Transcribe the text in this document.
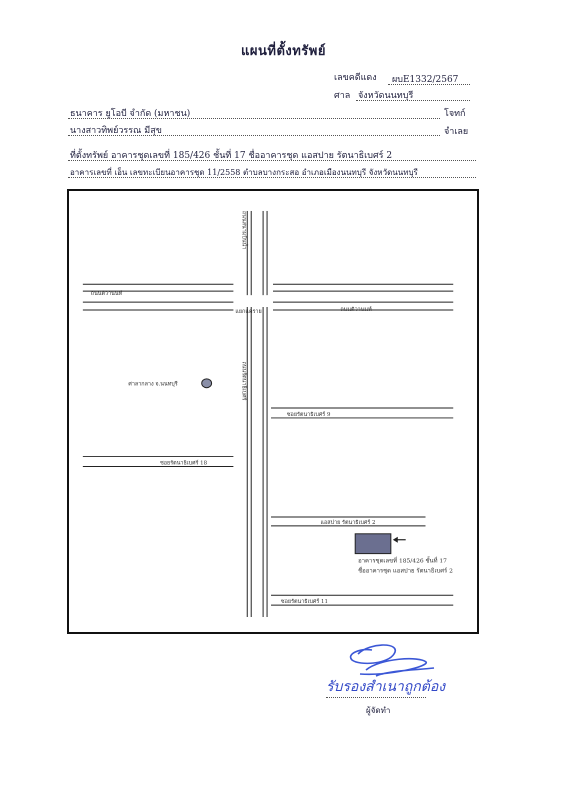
แผนที่ตั้งทรัพย์
เลขคดีแดง ผบE1332/2567
ศาล จังหวัดนนทบุรี
ธนาคาร ยูโอบี จำกัด (มหาชน)	โจทก์
นางสาวทิพย์วรรณ มีสุข	จำเลย
ที่ตั้งทรัพย์ อาคารชุดเลขที่ 185/426 ชั้นที่ 17 ชื่ออาคารชุด แอสปาย รัตนาธิเบศร์ 2
อาคารเลขที่ เอ็น เลขทะเบียนอาคารชุด 11/2558 ตำบลบางกระสอ อำเภอเมืองนนทบุรี จังหวัดนนทบุรี
ถนนสนามบินน้ำ
ถนนรัตนาธิเบศร์
ถนนติวานนท์
ถนนติวานนท์
แยกแคราย
ศาลากลาง จ.นนทบุรี
ซอยรัตนาธิเบศร์ 9
ซอยรัตนาธิเบศร์ 18
แอสปาย รัตนาธิเบศร์ 2
ซอยรัตนาธิเบศร์ 11
อาคารชุดเลขที่ 185/426 ชั้นที่ 17
ชื่ออาคารชุด แอสปาย รัตนาธิเบศร์ 2
รับรองสำเนาถูกต้อง
ผู้จัดทำ
